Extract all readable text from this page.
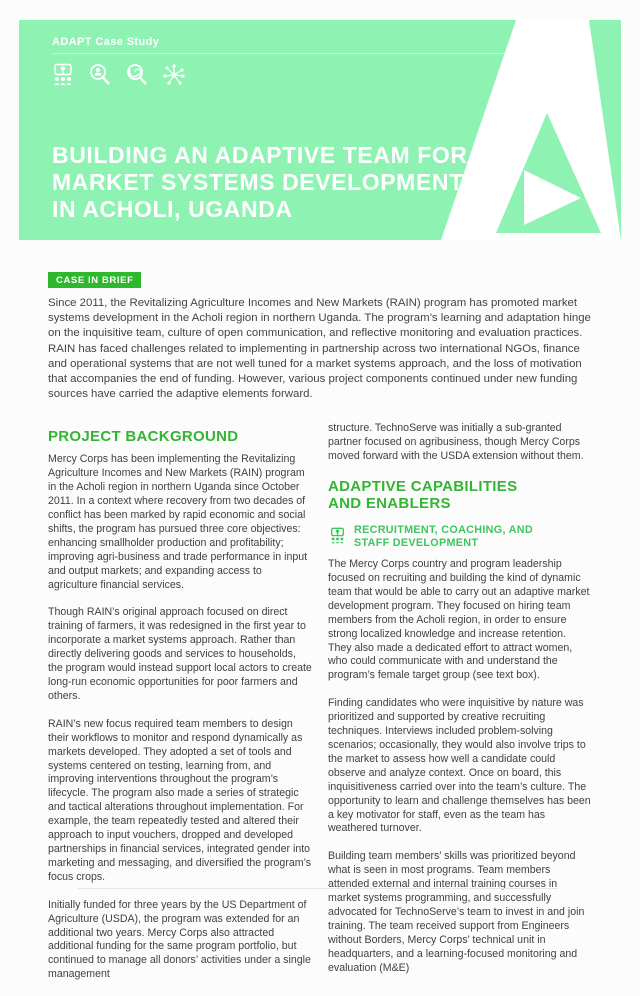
ADAPT Case Study
BUILDING AN ADAPTIVE TEAM FOR
MARKET SYSTEMS DEVELOPMENT
IN ACHOLI, UGANDA
CASE IN BRIEF

Since 2011, the Revitalizing Agriculture Incomes and New Markets (RAIN) program has promoted market systems development in the Acholi region in northern Uganda. The program’s learning and adaptation hinge on the inquisitive team, culture of open communication, and reflective monitoring and evaluation practices. RAIN has faced challenges related to implementing in partnership across two international NGOs, finance and operational systems that are not well tuned for a market systems approach, and the loss of motivation that accompanies the end of funding. However, various project components continued under new funding sources have carried the adaptive elements forward.

PROJECT BACKGROUND

Mercy Corps has been implementing the Revitalizing Agriculture Incomes and New Markets (RAIN) program in the Acholi region in northern Uganda since October 2011. In a context where recovery from two decades of conflict has been marked by rapid economic and social shifts, the program has pursued three core objectives: enhancing smallholder production and profitability; improving agri-business and trade performance in input and output markets; and expanding access to agriculture financial services.

Though RAIN’s original approach focused on direct training of farmers, it was redesigned in the first year to incorporate a market systems approach. Rather than directly delivering goods and services to households, the program would instead support local actors to create long-run economic opportunities for poor farmers and others.

RAIN’s new focus required team members to design their workflows to monitor and respond dynamically as markets developed. They adopted a set of tools and systems centered on testing, learning from, and improving interventions throughout the program’s lifecycle. The program also made a series of strategic and tactical alterations throughout implementation. For example, the team repeatedly tested and altered their approach to input vouchers, dropped and developed partnerships in financial services, integrated gender into marketing and messaging, and diversified the program’s focus crops.

Initially funded for three years by the US Department of Agriculture (USDA), the program was extended for an additional two years. Mercy Corps also attracted additional funding for the same program portfolio, but continued to manage all donors’ activities under a single management

structure. TechnoServe was initially a sub-granted partner focused on agribusiness, though Mercy Corps moved forward with the USDA extension without them.

ADAPTIVE CAPABILITIES
AND ENABLERS
RECRUITMENT, COACHING, AND
STAFF DEVELOPMENT

The Mercy Corps country and program leadership focused on recruiting and building the kind of dynamic team that would be able to carry out an adaptive market development program. They focused on hiring team members from the Acholi region, in order to ensure strong localized knowledge and increase retention. They also made a dedicated effort to attract women, who could communicate with and understand the program’s female target group (see text box).

Finding candidates who were inquisitive by nature was prioritized and supported by creative recruiting techniques. Interviews included problem-solving scenarios; occasionally, they would also involve trips to the market to assess how well a candidate could observe and analyze context. Once on board, this inquisitiveness carried over into the team’s culture. The opportunity to learn and challenge themselves has been a key motivator for staff, even as the team has weathered turnover.

Building team members’ skills was prioritized beyond what is seen in most programs. Team members attended external and internal training courses in market systems programming, and successfully advocated for TechnoServe’s team to invest in and join training. The team received support from Engineers without Borders, Mercy Corps’ technical unit in headquarters, and a learning-focused monitoring and evaluation (M&E)
